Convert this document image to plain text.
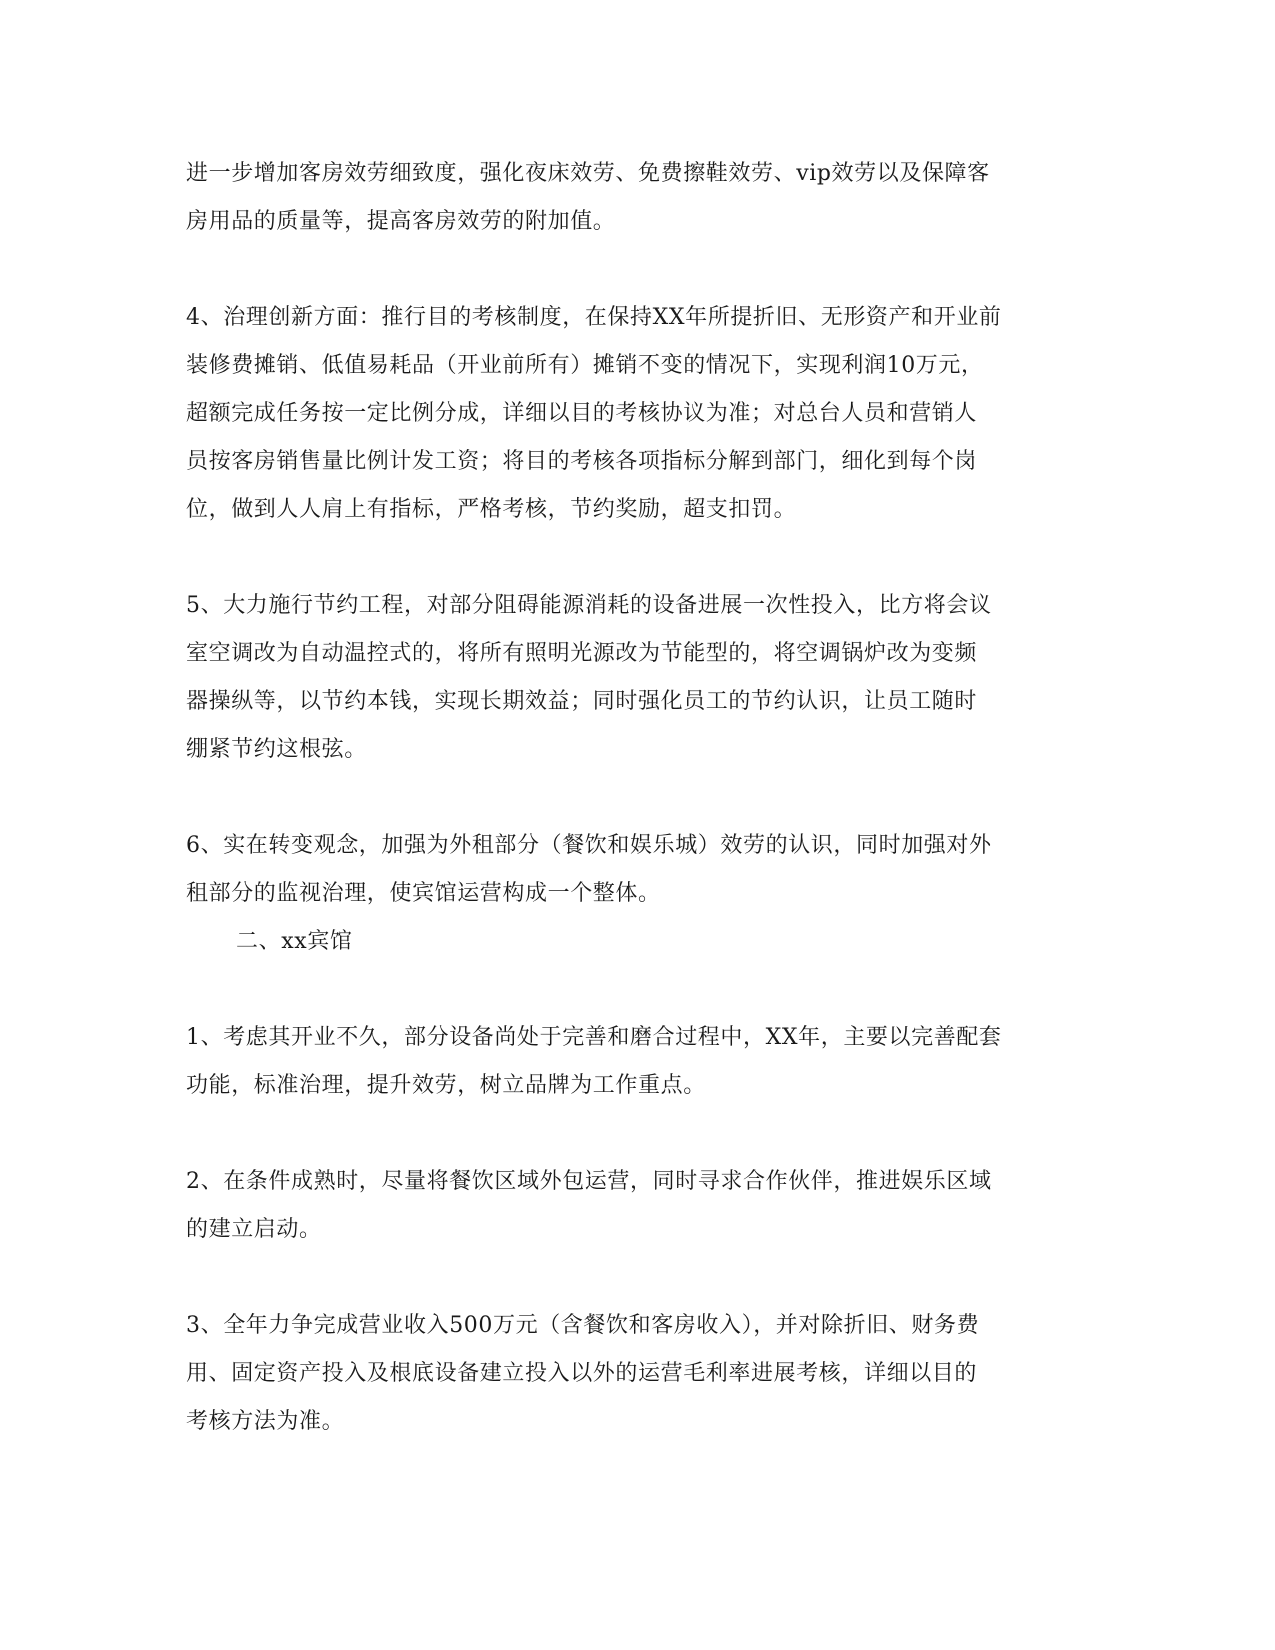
进一步增加客房效劳细致度，强化夜床效劳、免费擦鞋效劳、vip效劳以及保障客
房用品的质量等，提高客房效劳的附加值。
4、治理创新方面：推行目的考核制度，在保持XX年所提折旧、无形资产和开业前
装修费摊销、低值易耗品（开业前所有）摊销不变的情况下，实现利润10万元，
超额完成任务按一定比例分成，详细以目的考核协议为准；对总台人员和营销人
员按客房销售量比例计发工资；将目的考核各项指标分解到部门，细化到每个岗
位，做到人人肩上有指标，严格考核，节约奖励，超支扣罚。
5、大力施行节约工程，对部分阻碍能源消耗的设备进展一次性投入，比方将会议
室空调改为自动温控式的，将所有照明光源改为节能型的，将空调锅炉改为变频
器操纵等，以节约本钱，实现长期效益；同时强化员工的节约认识，让员工随时
绷紧节约这根弦。
6、实在转变观念，加强为外租部分（餐饮和娱乐城）效劳的认识，同时加强对外
租部分的监视治理，使宾馆运营构成一个整体。
二、xx宾馆
1、考虑其开业不久，部分设备尚处于完善和磨合过程中，XX年，主要以完善配套
功能，标准治理，提升效劳，树立品牌为工作重点。
2、在条件成熟时，尽量将餐饮区域外包运营，同时寻求合作伙伴，推进娱乐区域
的建立启动。
3、全年力争完成营业收入500万元（含餐饮和客房收入），并对除折旧、财务费
用、固定资产投入及根底设备建立投入以外的运营毛利率进展考核，详细以目的
考核方法为准。
